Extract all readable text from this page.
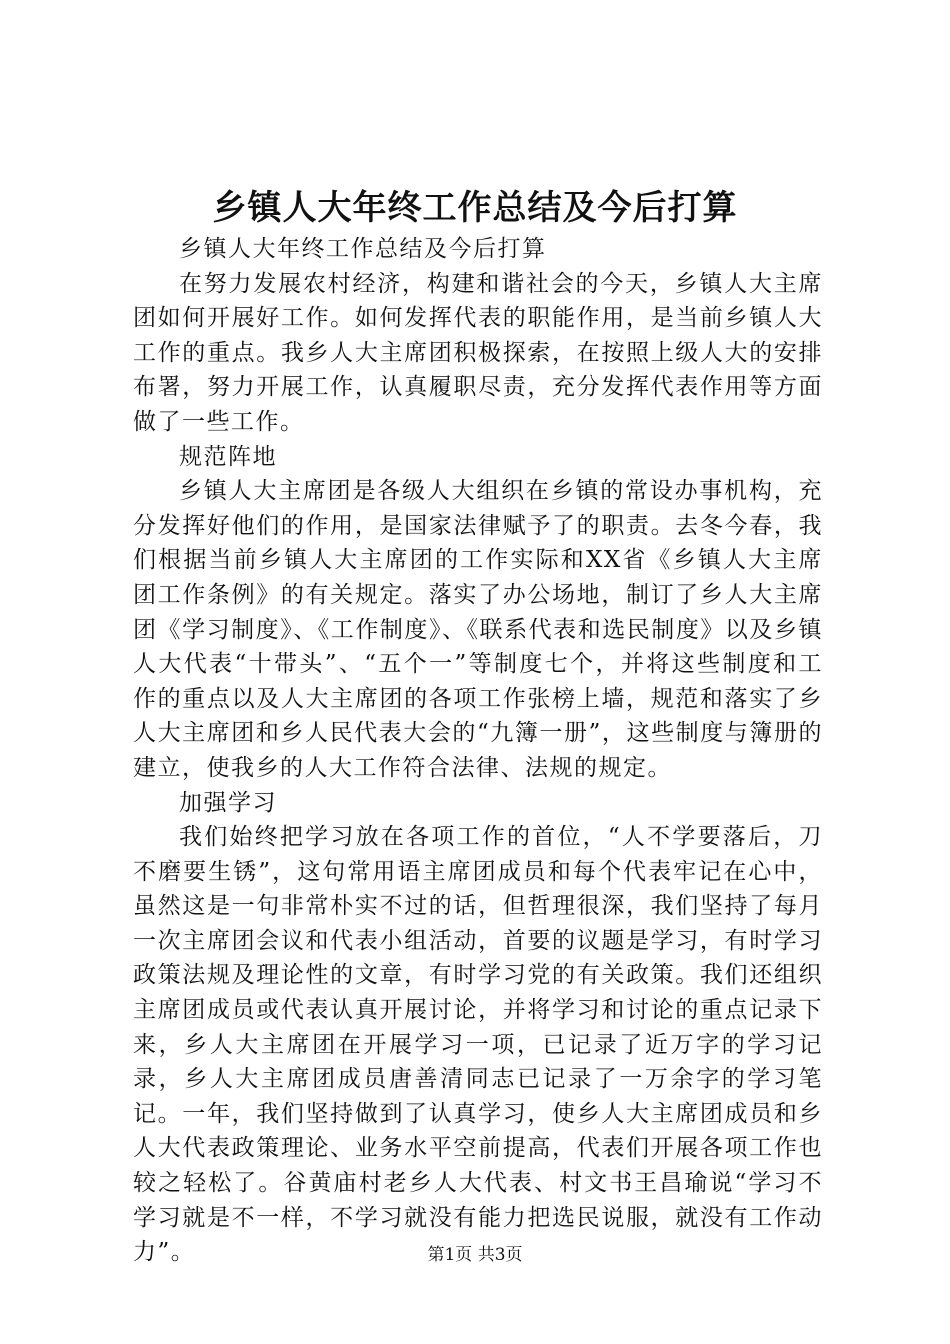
乡镇人大年终工作总结及今后打算

乡镇人大年终工作总结及今后打算

在努力发展农村经济，构建和谐社会的今天，乡镇人大主席团如何开展好工作。如何发挥代表的职能作用，是当前乡镇人大工作的重点。我乡人大主席团积极探索，在按照上级人大的安排布署，努力开展工作，认真履职尽责，充分发挥代表作用等方面做了一些工作。

规范阵地

乡镇人大主席团是各级人大组织在乡镇的常设办事机构，充分发挥好他们的作用，是国家法律赋予了的职责。去冬今春，我们根据当前乡镇人大主席团的工作实际和XX省《乡镇人大主席团工作条例》的有关规定。落实了办公场地，制订了乡人大主席团《学习制度》、《工作制度》、《联系代表和选民制度》以及乡镇人大代表“十带头”、“五个一”等制度七个，并将这些制度和工作的重点以及人大主席团的各项工作张榜上墙，规范和落实了乡人大主席团和乡人民代表大会的“九簿一册”，这些制度与簿册的建立，使我乡的人大工作符合法律、法规的规定。

加强学习

我们始终把学习放在各项工作的首位，“人不学要落后，刀不磨要生锈”，这句常用语主席团成员和每个代表牢记在心中，虽然这是一句非常朴实不过的话，但哲理很深，我们坚持了每月一次主席团会议和代表小组活动，首要的议题是学习，有时学习政策法规及理论性的文章，有时学习党的有关政策。我们还组织主席团成员或代表认真开展讨论，并将学习和讨论的重点记录下来，乡人大主席团在开展学习一项，已记录了近万字的学习记录，乡人大主席团成员唐善清同志已记录了一万余字的学习笔记。一年，我们坚持做到了认真学习，使乡人大主席团成员和乡人大代表政策理论、业务水平空前提高，代表们开展各项工作也较之轻松了。谷黄庙村老乡人大代表、村文书王昌瑜说“学习不学习就是不一样，不学习就没有能力把选民说服，就没有工作动力”。	第1页 共3页
